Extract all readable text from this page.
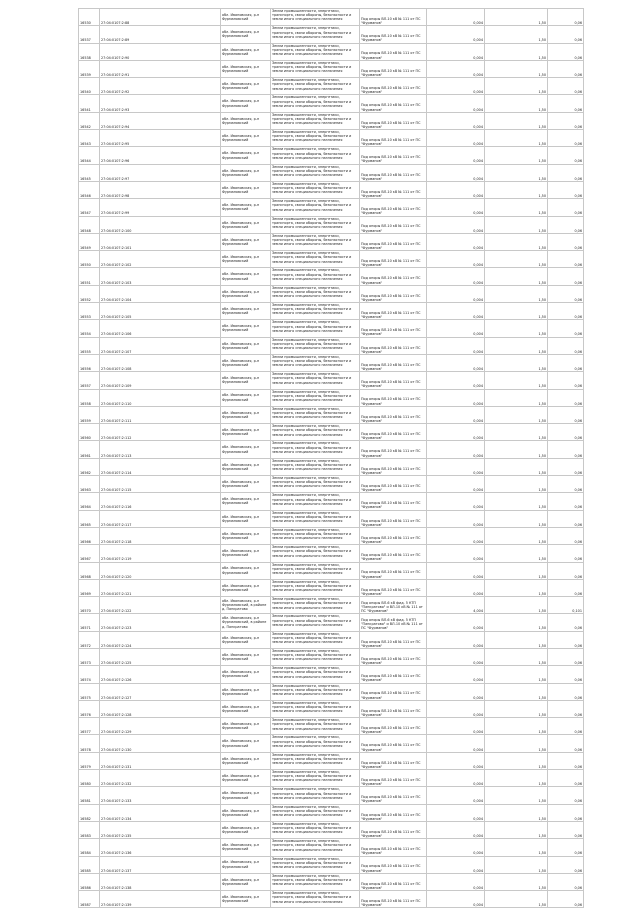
16530	27:04:0107:2:88	обл. Ивановская, р-н Фурмановский	Земли промышленности, энергетики, транспорта, связи обороны, безопасности и земли иного специального назначения	Под опоры ВЛ-10 кВ № 111 от ПС "Фурманов"	0,004	1,50	0,06
16537	27:04:0107:2:89	обл. Ивановская, р-н Фурмановский	Земли промышленности, энергетики, транспорта, связи обороны, безопасности и земли иного специального назначения	Под опоры ВЛ-10 кВ № 111 от ПС "Фурманов"	0,004	1,50	0,06
16538	27:04:0107:2:90	обл. Ивановская, р-н Фурмановский	Земли промышленности, энергетики, транспорта, связи обороны, безопасности и земли иного специального назначения	Под опоры ВЛ-10 кВ № 111 от ПС "Фурманов"	0,004	1,50	0,06
16539	27:04:0107:2:91	обл. Ивановская, р-н Фурмановский	Земли промышленности, энергетики, транспорта, связи обороны, безопасности и земли иного специального назначения	Под опоры ВЛ-10 кВ № 111 от ПС "Фурманов"	0,004	1,50	0,06
16540	27:04:0107:2:92	обл. Ивановская, р-н Фурмановский	Земли промышленности, энергетики, транспорта, связи обороны, безопасности и земли иного специального назначения	Под опоры ВЛ-10 кВ № 111 от ПС "Фурманов"	0,004	1,50	0,06
16541	27:04:0107:2:93	обл. Ивановская, р-н Фурмановский	Земли промышленности, энергетики, транспорта, связи обороны, безопасности и земли иного специального назначения	Под опоры ВЛ-10 кВ № 111 от ПС "Фурманов"	0,004	1,50	0,06
16542	27:04:0107:2:94	обл. Ивановская, р-н Фурмановский	Земли промышленности, энергетики, транспорта, связи обороны, безопасности и земли иного специального назначения	Под опоры ВЛ-10 кВ № 111 от ПС "Фурманов"	0,004	1,50	0,06
16543	27:04:0107:2:95	обл. Ивановская, р-н Фурмановский	Земли промышленности, энергетики, транспорта, связи обороны, безопасности и земли иного специального назначения	Под опоры ВЛ-10 кВ № 111 от ПС "Фурманов"	0,004	1,50	0,06
16544	27:04:0107:2:96	обл. Ивановская, р-н Фурмановский	Земли промышленности, энергетики, транспорта, связи обороны, безопасности и земли иного специального назначения	Под опоры ВЛ-10 кВ № 111 от ПС "Фурманов"	0,004	1,50	0,06
16545	27:04:0107:2:97	обл. Ивановская, р-н Фурмановский	Земли промышленности, энергетики, транспорта, связи обороны, безопасности и земли иного специального назначения	Под опоры ВЛ-10 кВ № 111 от ПС "Фурманов"	0,004	1,50	0,06
16546	27:04:0107:2:98	обл. Ивановская, р-н Фурмановский	Земли промышленности, энергетики, транспорта, связи обороны, безопасности и земли иного специального назначения	Под опоры ВЛ-10 кВ № 111 от ПС "Фурманов"	0,004	1,50	0,06
16547	27:04:0107:2:99	обл. Ивановская, р-н Фурмановский	Земли промышленности, энергетики, транспорта, связи обороны, безопасности и земли иного специального назначения	Под опоры ВЛ-10 кВ № 111 от ПС "Фурманов"	0,004	1,50	0,06
16548	27:04:0107:2:100	обл. Ивановская, р-н Фурмановский	Земли промышленности, энергетики, транспорта, связи обороны, безопасности и земли иного специального назначения	Под опоры ВЛ-10 кВ № 111 от ПС "Фурманов"	0,004	1,50	0,06
16549	27:04:0107:2:101	обл. Ивановская, р-н Фурмановский	Земли промышленности, энергетики, транспорта, связи обороны, безопасности и земли иного специального назначения	Под опоры ВЛ-10 кВ № 111 от ПС "Фурманов"	0,004	1,50	0,06
16550	27:04:0107:2:102	обл. Ивановская, р-н Фурмановский	Земли промышленности, энергетики, транспорта, связи обороны, безопасности и земли иного специального назначения	Под опоры ВЛ-10 кВ № 111 от ПС "Фурманов"	0,004	1,50	0,06
16551	27:04:0107:2:103	обл. Ивановская, р-н Фурмановский	Земли промышленности, энергетики, транспорта, связи обороны, безопасности и земли иного специального назначения	Под опоры ВЛ-10 кВ № 111 от ПС "Фурманов"	0,004	1,50	0,06
16552	27:04:0107:2:104	обл. Ивановская, р-н Фурмановский	Земли промышленности, энергетики, транспорта, связи обороны, безопасности и земли иного специального назначения	Под опоры ВЛ-10 кВ № 111 от ПС "Фурманов"	0,004	1,50	0,06
16553	27:04:0107:2:105	обл. Ивановская, р-н Фурмановский	Земли промышленности, энергетики, транспорта, связи обороны, безопасности и земли иного специального назначения	Под опоры ВЛ-10 кВ № 111 от ПС "Фурманов"	0,004	1,50	0,06
16554	27:04:0107:2:106	обл. Ивановская, р-н Фурмановский	Земли промышленности, энергетики, транспорта, связи обороны, безопасности и земли иного специального назначения	Под опоры ВЛ-10 кВ № 111 от ПС "Фурманов"	0,004	1,50	0,06
16555	27:04:0107:2:107	обл. Ивановская, р-н Фурмановский	Земли промышленности, энергетики, транспорта, связи обороны, безопасности и земли иного специального назначения	Под опоры ВЛ-10 кВ № 111 от ПС "Фурманов"	0,004	1,50	0,06
16556	27:04:0107:2:108	обл. Ивановская, р-н Фурмановский	Земли промышленности, энергетики, транспорта, связи обороны, безопасности и земли иного специального назначения	Под опоры ВЛ-10 кВ № 111 от ПС "Фурманов"	0,004	1,50	0,06
16557	27:04:0107:2:109	обл. Ивановская, р-н Фурмановский	Земли промышленности, энергетики, транспорта, связи обороны, безопасности и земли иного специального назначения	Под опоры ВЛ-10 кВ № 111 от ПС "Фурманов"	0,004	1,50	0,06
16558	27:04:0107:2:110	обл. Ивановская, р-н Фурмановский	Земли промышленности, энергетики, транспорта, связи обороны, безопасности и земли иного специального назначения	Под опоры ВЛ-10 кВ № 111 от ПС "Фурманов"	0,004	1,50	0,06
16559	27:04:0107:2:111	обл. Ивановская, р-н Фурмановский	Земли промышленности, энергетики, транспорта, связи обороны, безопасности и земли иного специального назначения	Под опоры ВЛ-10 кВ № 111 от ПС "Фурманов"	0,004	1,50	0,06
16560	27:04:0107:2:112	обл. Ивановская, р-н Фурмановский	Земли промышленности, энергетики, транспорта, связи обороны, безопасности и земли иного специального назначения	Под опоры ВЛ-10 кВ № 111 от ПС "Фурманов"	0,004	1,50	0,06
16561	27:04:0107:2:113	обл. Ивановская, р-н Фурмановский	Земли промышленности, энергетики, транспорта, связи обороны, безопасности и земли иного специального назначения	Под опоры ВЛ-10 кВ № 111 от ПС "Фурманов"	0,004	1,50	0,06
16562	27:04:0107:2:114	обл. Ивановская, р-н Фурмановский	Земли промышленности, энергетики, транспорта, связи обороны, безопасности и земли иного специального назначения	Под опоры ВЛ-10 кВ № 111 от ПС "Фурманов"	0,004	1,50	0,06
16563	27:04:0107:2:115	обл. Ивановская, р-н Фурмановский	Земли промышленности, энергетики, транспорта, связи обороны, безопасности и земли иного специального назначения	Под опоры ВЛ-10 кВ № 111 от ПС "Фурманов"	0,004	1,50	0,06
16564	27:04:0107:2:116	обл. Ивановская, р-н Фурмановский	Земли промышленности, энергетики, транспорта, связи обороны, безопасности и земли иного специального назначения	Под опоры ВЛ-10 кВ № 111 от ПС "Фурманов"	0,004	1,50	0,06
16565	27:04:0107:2:117	обл. Ивановская, р-н Фурмановский	Земли промышленности, энергетики, транспорта, связи обороны, безопасности и земли иного специального назначения	Под опоры ВЛ-10 кВ № 111 от ПС "Фурманов"	0,004	1,50	0,06
16566	27:04:0107:2:118	обл. Ивановская, р-н Фурмановский	Земли промышленности, энергетики, транспорта, связи обороны, безопасности и земли иного специального назначения	Под опоры ВЛ-10 кВ № 111 от ПС "Фурманов"	0,004	1,50	0,06
16567	27:04:0107:2:119	обл. Ивановская, р-н Фурмановский	Земли промышленности, энергетики, транспорта, связи обороны, безопасности и земли иного специального назначения	Под опоры ВЛ-10 кВ № 111 от ПС "Фурманов"	0,004	1,50	0,06
16568	27:04:0107:2:120	обл. Ивановская, р-н Фурмановский	Земли промышленности, энергетики, транспорта, связи обороны, безопасности и земли иного специального назначения	Под опоры ВЛ-10 кВ № 111 от ПС "Фурманов"	0,004	1,50	0,06
16569	27:04:0107:2:121	обл. Ивановская, р-н Фурмановский	Земли промышленности, энергетики, транспорта, связи обороны, безопасности и земли иного специального назначения	Под опоры ВЛ-10 кВ № 111 от ПС "Фурманов"	0,004	1,50	0,06
16570	27:04:0107:2:122	обл. Ивановская, р-н Фурмановский, в районе д. Панкратово	Земли промышленности, энергетики, транспорта, связи обороны, безопасности и земли иного специального назначения	Под опоры ВЛ-6 кВ фид. 5 КТП "Панкратово" и ВЛ-10 кВ № 111 от ПС "Фурманов"	4,004	1,50	0,101
16571	27:04:0107:2:123	обл. Ивановская, р-н Фурмановский, в районе д. Панкратово	Земли промышленности, энергетики, транспорта, связи обороны, безопасности и земли иного специального назначения	Под опоры ВЛ-6 кВ фид. 5 КТП "Панкратово" и ВЛ-10 кВ № 111 от ПС "Фурманов"	0,004	1,50	0,06
16572	27:04:0107:2:124	обл. Ивановская, р-н Фурмановский	Земли промышленности, энергетики, транспорта, связи обороны, безопасности и земли иного специального назначения	Под опоры ВЛ-10 кВ № 111 от ПС "Фурманов"	0,004	1,50	0,06
16573	27:04:0107:2:125	обл. Ивановская, р-н Фурмановский	Земли промышленности, энергетики, транспорта, связи обороны, безопасности и земли иного специального назначения	Под опоры ВЛ-10 кВ № 111 от ПС "Фурманов"	0,004	1,50	0,06
16574	27:04:0107:2:126	обл. Ивановская, р-н Фурмановский	Земли промышленности, энергетики, транспорта, связи обороны, безопасности и земли иного специального назначения	Под опоры ВЛ-10 кВ № 111 от ПС "Фурманов"	0,004	1,50	0,06
16575	27:04:0107:2:127	обл. Ивановская, р-н Фурмановский	Земли промышленности, энергетики, транспорта, связи обороны, безопасности и земли иного специального назначения	Под опоры ВЛ-10 кВ № 111 от ПС "Фурманов"	0,004	1,50	0,06
16576	27:04:0107:2:128	обл. Ивановская, р-н Фурмановский	Земли промышленности, энергетики, транспорта, связи обороны, безопасности и земли иного специального назначения	Под опоры ВЛ-10 кВ № 111 от ПС "Фурманов"	0,004	1,50	0,06
16577	27:04:0107:2:129	обл. Ивановская, р-н Фурмановский	Земли промышленности, энергетики, транспорта, связи обороны, безопасности и земли иного специального назначения	Под опоры ВЛ-10 кВ № 111 от ПС "Фурманов"	0,004	1,50	0,06
16578	27:04:0107:2:130	обл. Ивановская, р-н Фурмановский	Земли промышленности, энергетики, транспорта, связи обороны, безопасности и земли иного специального назначения	Под опоры ВЛ-10 кВ № 111 от ПС "Фурманов"	0,004	1,50	0,06
16579	27:04:0107:2:131	обл. Ивановская, р-н Фурмановский	Земли промышленности, энергетики, транспорта, связи обороны, безопасности и земли иного специального назначения	Под опоры ВЛ-10 кВ № 111 от ПС "Фурманов"	0,004	1,50	0,06
16580	27:04:0107:2:132	обл. Ивановская, р-н Фурмановский	Земли промышленности, энергетики, транспорта, связи обороны, безопасности и земли иного специального назначения	Под опоры ВЛ-10 кВ № 111 от ПС "Фурманов"	0,004	1,50	0,06
16581	27:04:0107:2:133	обл. Ивановская, р-н Фурмановский	Земли промышленности, энергетики, транспорта, связи обороны, безопасности и земли иного специального назначения	Под опоры ВЛ-10 кВ № 111 от ПС "Фурманов"	0,004	1,50	0,06
16582	27:04:0107:2:134	обл. Ивановская, р-н Фурмановский	Земли промышленности, энергетики, транспорта, связи обороны, безопасности и земли иного специального назначения	Под опоры ВЛ-10 кВ № 111 от ПС "Фурманов"	0,004	1,50	0,06
16583	27:04:0107:2:135	обл. Ивановская, р-н Фурмановский	Земли промышленности, энергетики, транспорта, связи обороны, безопасности и земли иного специального назначения	Под опоры ВЛ-10 кВ № 111 от ПС "Фурманов"	0,004	1,50	0,06
16584	27:04:0107:2:136	обл. Ивановская, р-н Фурмановский	Земли промышленности, энергетики, транспорта, связи обороны, безопасности и земли иного специального назначения	Под опоры ВЛ-10 кВ № 111 от ПС "Фурманов"	0,004	1,50	0,06
16585	27:04:0107:2:137	обл. Ивановская, р-н Фурмановский	Земли промышленности, энергетики, транспорта, связи обороны, безопасности и земли иного специального назначения	Под опоры ВЛ-10 кВ № 111 от ПС "Фурманов"	0,004	1,50	0,06
16586	27:04:0107:2:138	обл. Ивановская, р-н Фурмановский	Земли промышленности, энергетики, транспорта, связи обороны, безопасности и земли иного специального назначения	Под опоры ВЛ-10 кВ № 111 от ПС "Фурманов"	0,004	1,50	0,06
16587	27:04:0107:2:139	обл. Ивановская, р-н Фурмановский	Земли промышленности, энергетики, транспорта, связи обороны, безопасности и земли иного специального назначения	Под опоры ВЛ-10 кВ № 111 от ПС "Фурманов"	0,004	1,50	0,06
